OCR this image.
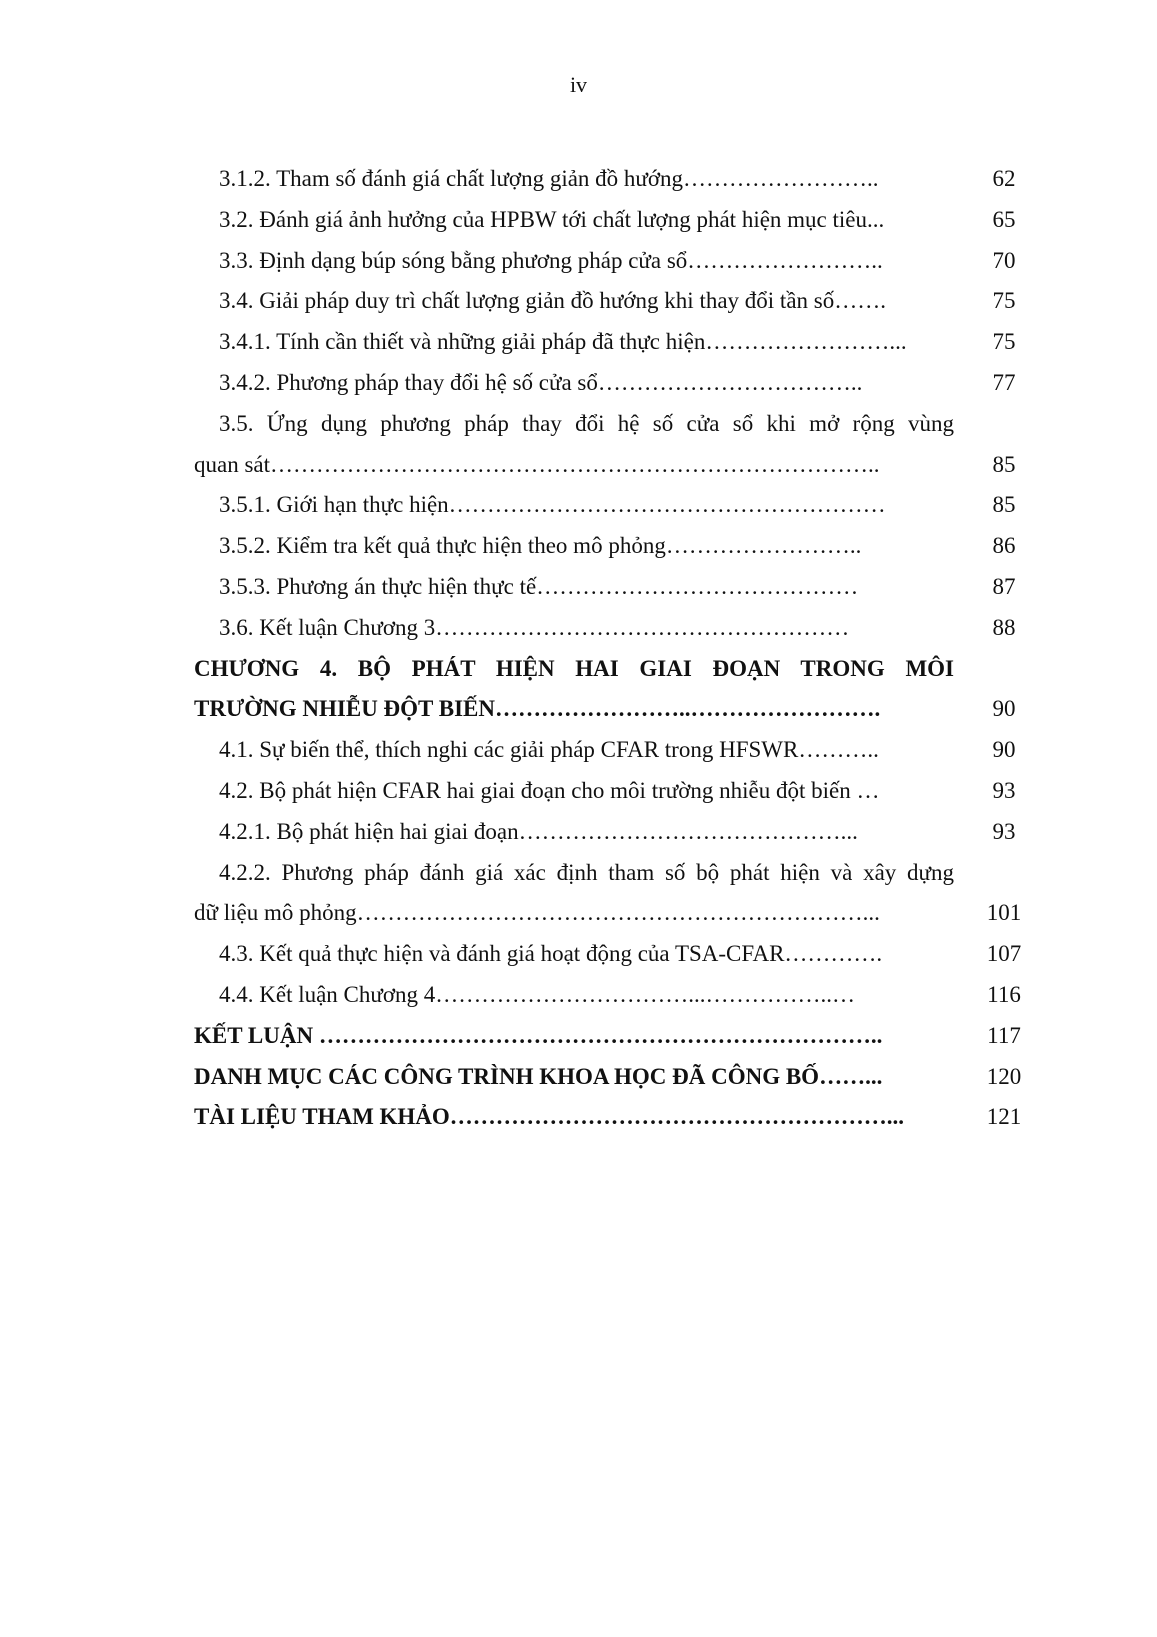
iv
3.1.2. Tham số đánh giá chất lượng giản đồ hướng……………………..	62
3.2. Đánh giá ảnh hưởng của HPBW tới chất lượng phát hiện mục tiêu...	65
3.3. Định dạng búp sóng bằng phương pháp cửa sổ……………………..	70
3.4. Giải pháp duy trì chất lượng giản đồ hướng khi thay đổi tần số…….	75
3.4.1. Tính cần thiết và những giải pháp đã thực hiện……………………...	75
3.4.2. Phương pháp thay đổi hệ số cửa sổ……………………………..	77
3.5. Ứng dụng phương pháp thay đổi hệ số cửa sổ khi mở rộng vùng
quan sát……………………………………………………………………..	85
3.5.1. Giới hạn thực hiện…………………………………………………	85
3.5.2. Kiểm tra kết quả thực hiện theo mô phỏng……………………..	86
3.5.3. Phương án thực hiện thực tế……………………………………	87
3.6. Kết luận Chương 3………………………………………………	88
CHƯƠNG 4. BỘ PHÁT HIỆN HAI GIAI ĐOẠN TRONG MÔI
TRƯỜNG NHIỄU ĐỘT BIẾN……………………..…………………….	90
4.1. Sự biến thể, thích nghi các giải pháp CFAR trong HFSWR………..	90
4.2. Bộ phát hiện CFAR hai giai đoạn cho môi trường nhiễu đột biến …	93
4.2.1. Bộ phát hiện hai giai đoạn……………………………………...	93
4.2.2. Phương pháp đánh giá xác định tham số bộ phát hiện và xây dựng
dữ liệu mô phỏng…………………………………………………………...	101
4.3. Kết quả thực hiện và đánh giá hoạt động của TSA-CFAR………….	107
4.4. Kết luận Chương 4……………………………...……………..…	116
KẾT LUẬN ………………………………………………………………..	117
DANH MỤC CÁC CÔNG TRÌNH KHOA HỌC ĐÃ CÔNG BỐ……...	120
TÀI LIỆU THAM KHẢO…………………………………………………...	121
